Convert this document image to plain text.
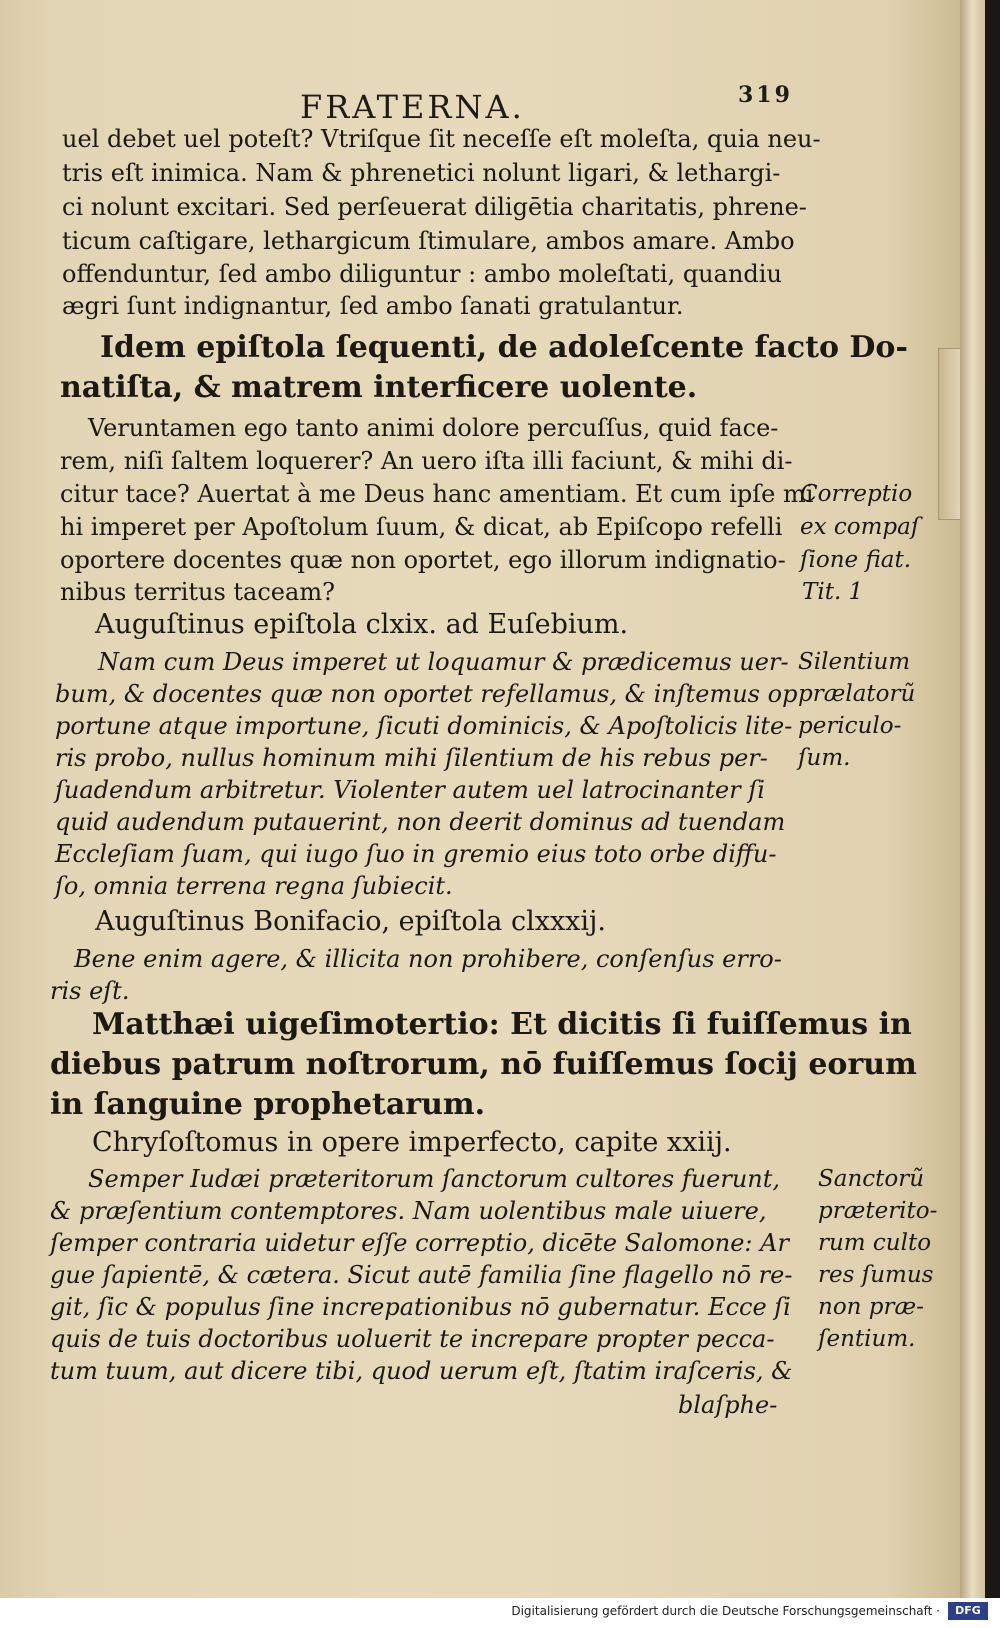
FRATERNA.	319
uel debet uel poteſt? Vtriſque ſit neceſſe eſt moleſta, quia neu-
tris eſt inimica. Nam & phrenetici nolunt ligari, & lethargi-
ci nolunt excitari. Sed perſeuerat diligētia charitatis, phrene-
ticum caſtigare, lethargicum ſtimulare, ambos amare. Ambo
offenduntur, ſed ambo diliguntur : ambo moleſtati, quandiu
ægri ſunt indignantur, ſed ambo ſanati gratulantur.
Idem epiſtola ſequenti, de adoleſcente facto Do-
natiſta, & matrem interficere uolente.
Veruntamen ego tanto animi dolore percuſſus, quid face-
rem, niſi ſaltem loquerer? An uero iſta illi faciunt, & mihi di-
citur tace? Auertat à me Deus hanc amentiam. Et cum ipſe mi
hi imperet per Apoſtolum ſuum, & dicat, ab Epiſcopo refelli
oportere docentes quæ non oportet, ego illorum indignatio-
nibus territus taceam?
Auguſtinus epiſtola clxix. ad Euſebium.
Nam cum Deus imperet ut loquamur & prædicemus uer-
bum, & docentes quæ non oportet refellamus, & inſtemus op
portune atque importune, ſicuti dominicis, & Apoſtolicis lite-
ris probo, nullus hominum mihi ſilentium de his rebus per-
ſuadendum arbitretur. Violenter autem uel latrocinanter ſi
quid audendum putauerint, non deerit dominus ad tuendam
Eccleſiam ſuam, qui iugo ſuo in gremio eius toto orbe diffu-
ſo, omnia terrena regna ſubiecit.
Auguſtinus Bonifacio, epiſtola clxxxij.
Bene enim agere, & illicita non prohibere, conſenſus erro-
ris eſt.
Matthæi uigeſimotertio: Et dicitis ſi fuiſſemus in
diebus patrum noſtrorum, nō fuiſſemus ſocij eorum
in ſanguine prophetarum.
Chryſoſtomus in opere imperfecto, capite xxiij.
Semper Iudæi præteritorum ſanctorum cultores fuerunt,
& præſentium contemptores. Nam uolentibus male uiuere,
ſemper contraria uidetur eſſe correptio, dicēte Salomone: Ar
gue ſapientē, & cætera. Sicut autē familia ſine flagello nō re-
git, ſic & populus ſine increpationibus nō gubernatur. Ecce ſi
quis de tuis doctoribus uoluerit te increpare propter pecca-
tum tuum, aut dicere tibi, quod uerum eſt, ſtatim iraſceris, &
blaſphe-
Correptio
ex compaſ
ſione fiat.
Tit. 1
Silentium
prælatorũ
periculo-
ſum.
Sanctorũ
præterito-
rum culto
res ſumus
non præ-
ſentium.
Digitalisierung gefördert durch die Deutsche Forschungsgemeinschaft ·	DFG
